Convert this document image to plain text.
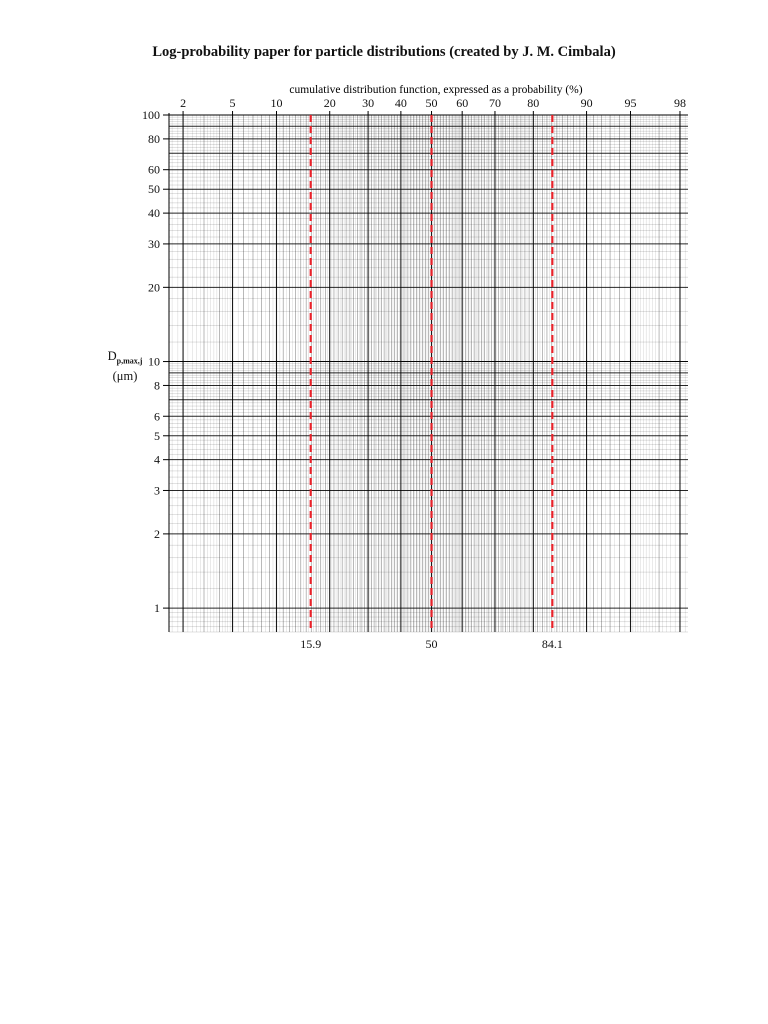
Log-probability paper for particle distributions (created by J. M. Cimbala)
2	5	10	20 30 40 50 60 70 80	90	95	98
1
2
3
4
5
6
8
10
20
30
40
50
60
80
100
15.9	50	84.1
cumulative distribution function, expressed as a probability (%)
$D_{p,max,j}$
(μm)
